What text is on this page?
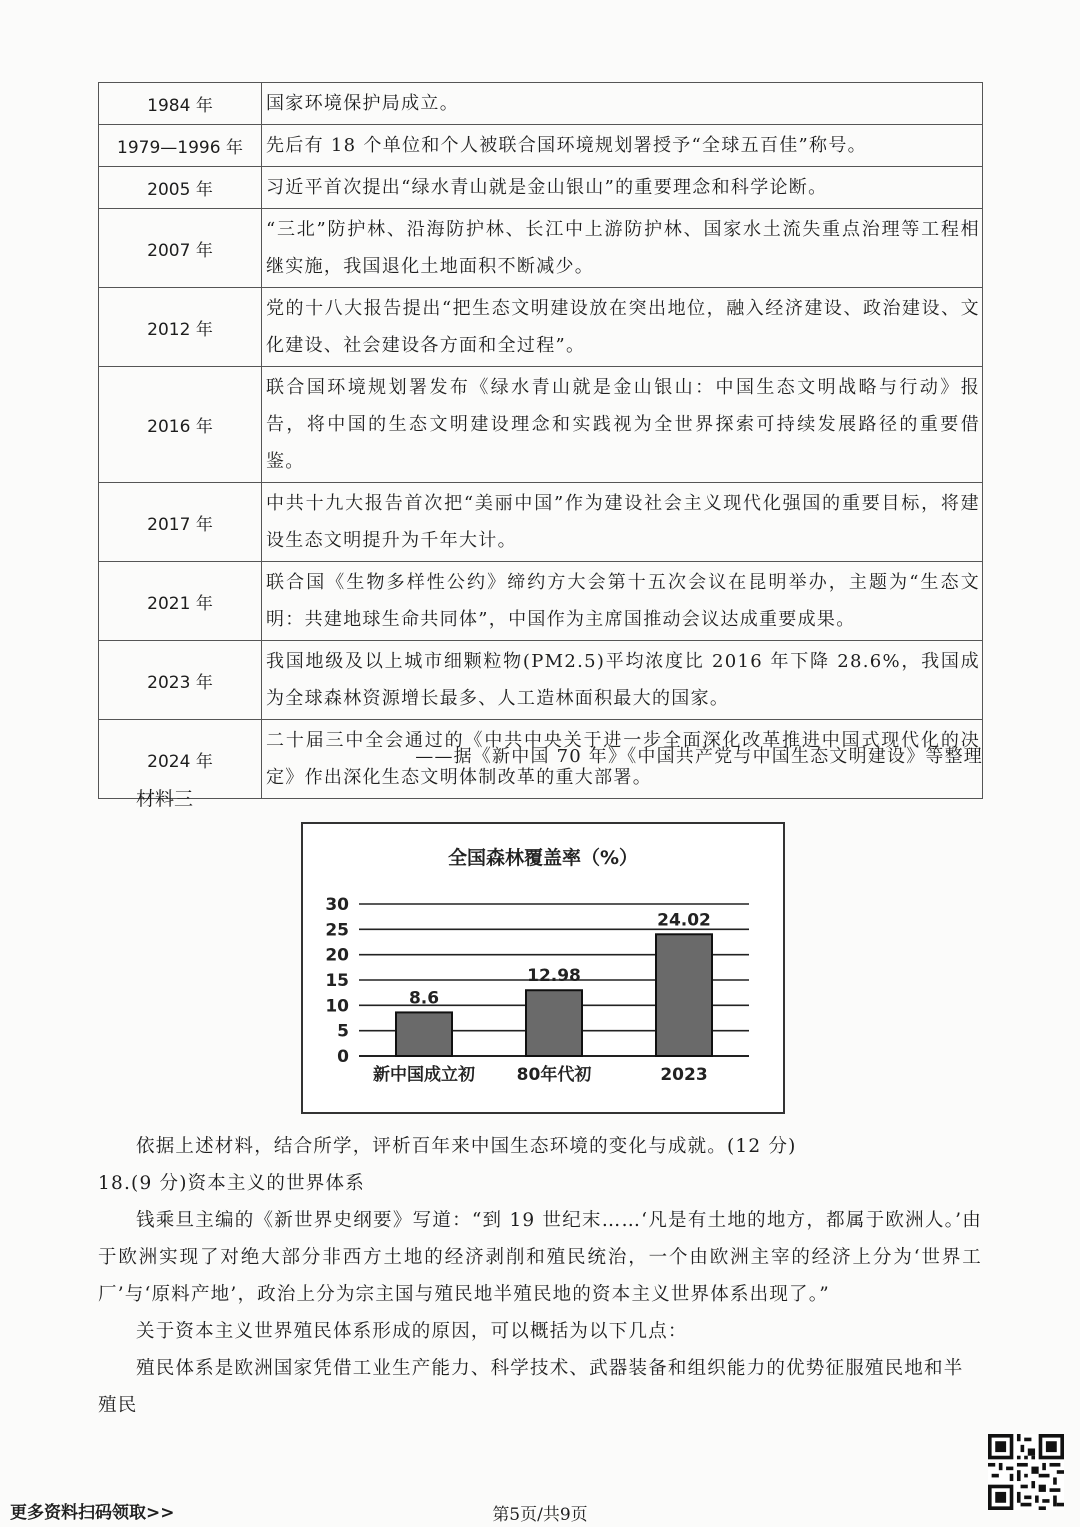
1984 年	国家环境保护局成立。
1979—1996 年	先后有 18 个单位和个人被联合国环境规划署授予“全球五百佳”称号。
2005 年	习近平首次提出“绿水青山就是金山银山”的重要理念和科学论断。
2007 年	“三北”防护林、沿海防护林、长江中上游防护林、国家水土流失重点治理等工程相继实施，我国退化土地面积不断减少。
2012 年	党的十八大报告提出“把生态文明建设放在突出地位，融入经济建设、政治建设、文化建设、社会建设各方面和全过程”。
2016 年	联合国环境规划署发布《绿水青山就是金山银山：中国生态文明战略与行动》报告，将中国的生态文明建设理念和实践视为全世界探索可持续发展路径的重要借鉴。
2017 年	中共十九大报告首次把“美丽中国”作为建设社会主义现代化强国的重要目标，将建设生态文明提升为千年大计。
2021 年	联合国《生物多样性公约》缔约方大会第十五次会议在昆明举办，主题为“生态文明：共建地球生命共同体”，中国作为主席国推动会议达成重要成果。
2023 年	我国地级及以上城市细颗粒物(PM2.5)平均浓度比 2016 年下降 28.6%，我国成为全球森林资源增长最多、人工造林面积最大的国家。
2024 年	二十届三中全会通过的《中共中央关于进一步全面深化改革推进中国式现代化的决定》作出深化生态文明体制改革的重大部署。
——据《新中国 70 年》《中国共产党与中国生态文明建设》等整理
材料三
全国森林覆盖率（%）
0
5
10
15
20
25
30
8.6
12.98
24.02
新中国成立初 80年代初	2023
依据上述材料，结合所学，评析百年来中国生态环境的变化与成就。(12 分)
18.(9 分)资本主义的世界体系
钱乘旦主编的《新世界史纲要》写道：“到 19 世纪末……‘凡是有土地的地方，都属于欧洲人。’由于欧洲实现了对绝大部分非西方土地的经济剥削和殖民统治，一个由欧洲主宰的经济上分为‘世界工厂’与‘原料产地’，政治上分为宗主国与殖民地半殖民地的资本主义世界体系出现了。”
关于资本主义世界殖民体系形成的原因，可以概括为以下几点：
殖民体系是欧洲国家凭借工业生产能力、科学技术、武器装备和组织能力的优势征服殖民地和半殖民
更多资料扫码领取>>	第5页/共9页
